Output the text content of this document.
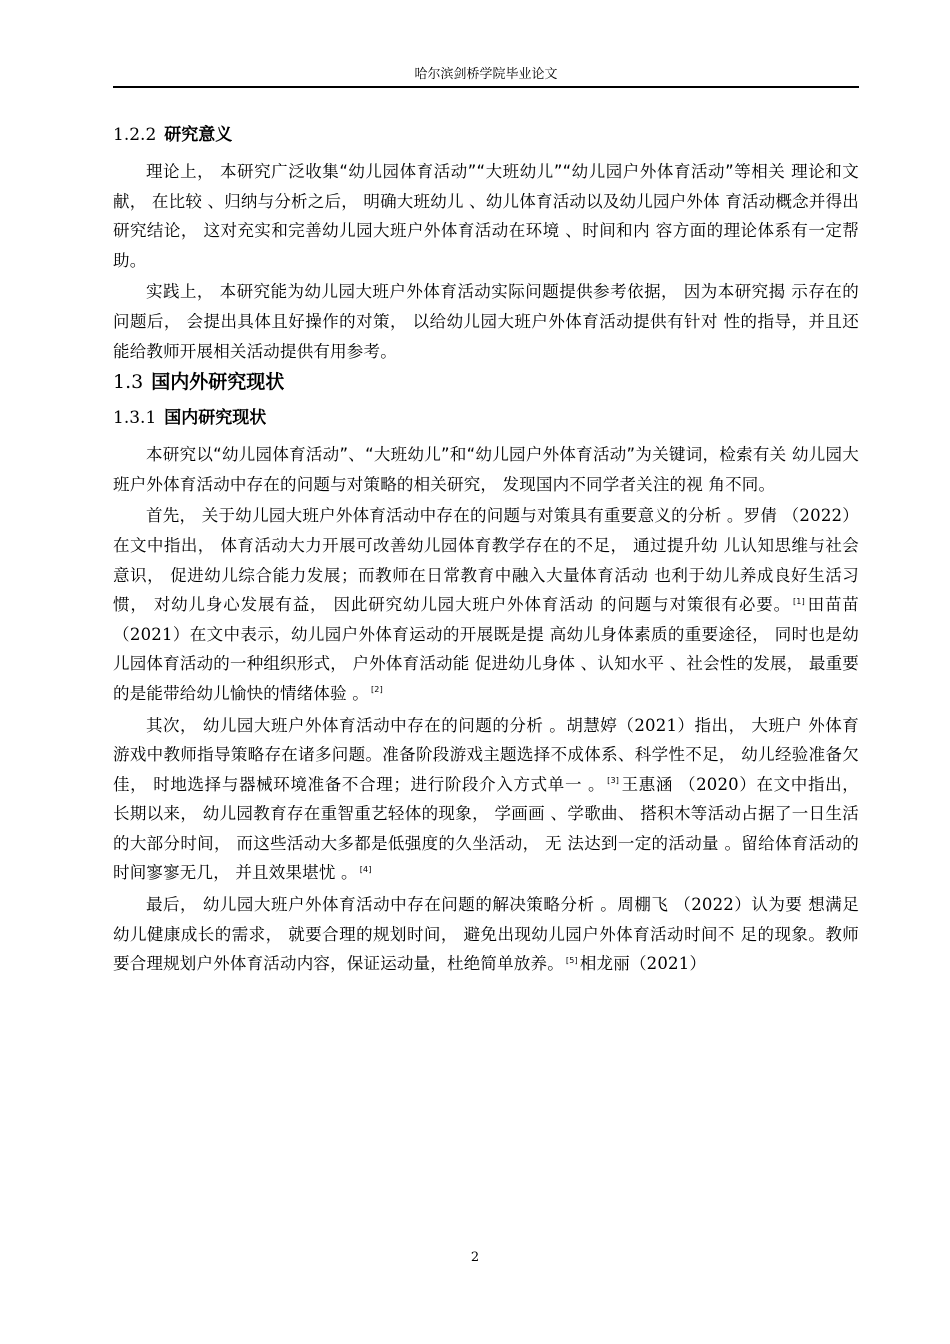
哈尔滨剑桥学院毕业论文
1.2.2 研究意义

理论上， 本研究广泛收集“幼儿园体育活动”“大班幼儿”“幼儿园户外体育活动”等相关 理论和文献， 在比较 、归纳与分析之后， 明确大班幼儿 、幼儿体育活动以及幼儿园户外体 育活动概念并得出研究结论， 这对充实和完善幼儿园大班户外体育活动在环境 、时间和内 容方面的理论体系有一定帮助。

实践上， 本研究能为幼儿园大班户外体育活动实际问题提供参考依据， 因为本研究揭 示存在的问题后， 会提出具体且好操作的对策， 以给幼儿园大班户外体育活动提供有针对 性的指导，并且还能给教师开展相关活动提供有用参考。

1.3 国内外研究现状
1.3.1 国内研究现状

本研究以“幼儿园体育活动”、“大班幼儿”和“幼儿园户外体育活动”为关键词，检索有关 幼儿园大班户外体育活动中存在的问题与对策略的相关研究， 发现国内不同学者关注的视 角不同。

首先， 关于幼儿园大班户外体育活动中存在的问题与对策具有重要意义的分析 。罗倩 （2022）在文中指出， 体育活动大力开展可改善幼儿园体育教学存在的不足， 通过提升幼 儿认知思维与社会意识， 促进幼儿综合能力发展；而教师在日常教育中融入大量体育活动 也利于幼儿养成良好生活习惯， 对幼儿身心发展有益， 因此研究幼儿园大班户外体育活动 的问题与对策很有必要。 [1] 田苗苗（2021）在文中表示，幼儿园户外体育运动的开展既是提 高幼儿身体素质的重要途径， 同时也是幼儿园体育活动的一种组织形式， 户外体育活动能 促进幼儿身体 、认知水平 、社会性的发展， 最重要的是能带给幼儿愉快的情绪体验 。 [2]

其次， 幼儿园大班户外体育活动中存在的问题的分析 。胡慧婷（2021）指出， 大班户 外体育游戏中教师指导策略存在诸多问题。准备阶段游戏主题选择不成体系、科学性不足， 幼儿经验准备欠佳， 时地选择与器械环境准备不合理；进行阶段介入方式单一 。 [3] 王惠涵 （2020）在文中指出， 长期以来， 幼儿园教育存在重智重艺轻体的现象， 学画画 、学歌曲、 搭积木等活动占据了一日生活的大部分时间， 而这些活动大多都是低强度的久坐活动， 无 法达到一定的活动量 。留给体育活动的时间寥寥无几， 并且效果堪忧 。 [4]

最后， 幼儿园大班户外体育活动中存在问题的解决策略分析 。周棚飞 （2022）认为要 想满足幼儿健康成长的需求， 就要合理的规划时间， 避免出现幼儿园户外体育活动时间不 足的现象。教师要合理规划户外体育活动内容，保证运动量，杜绝简单放养。 [5] 相龙丽（2021）

2
